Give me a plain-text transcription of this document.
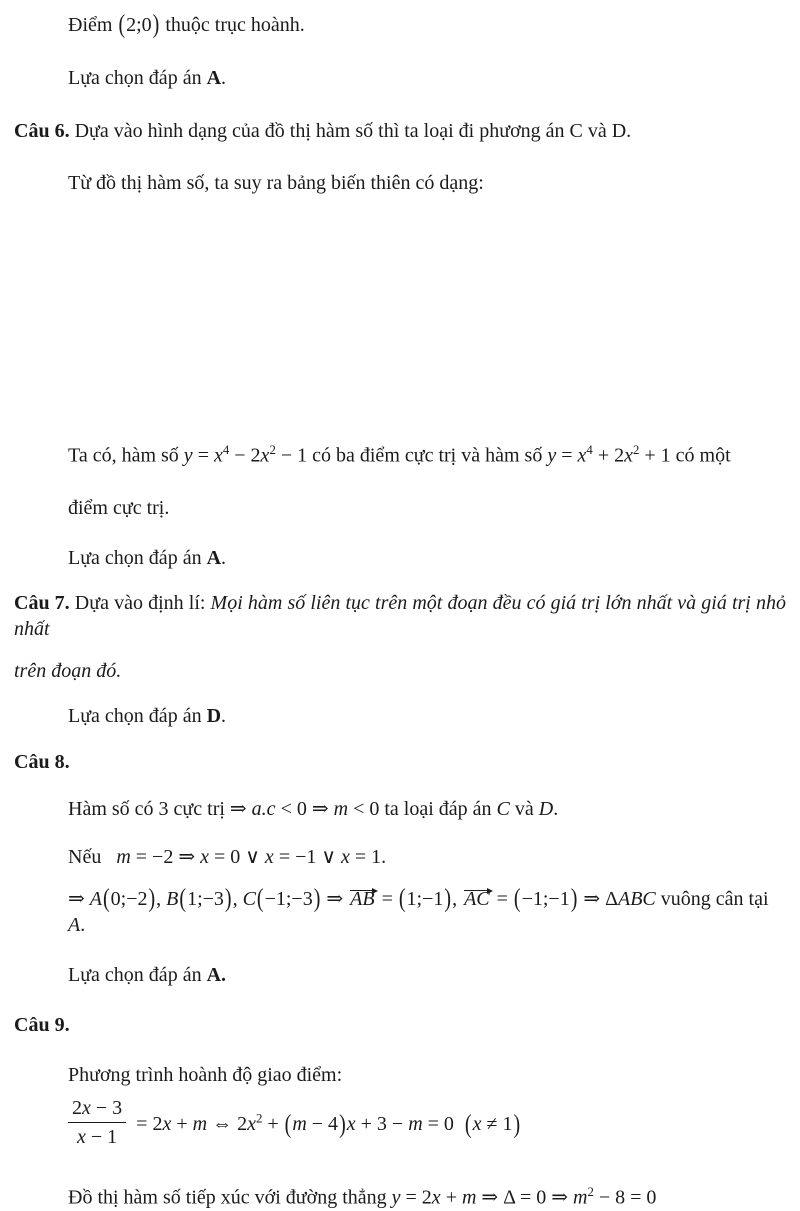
Điểm (2;0) thuộc trục hoành.

Lựa chọn đáp án A.

Câu 6. Dựa vào hình dạng của đồ thị hàm số thì ta loại đi phương án C và D.

Từ đồ thị hàm số, ta suy ra bảng biến thiên có dạng:

Ta có, hàm số $y = x^4 - 2x^2 - 1$ có ba điểm cực trị và hàm số $y = x^4 + 2x^2 + 1$ có một

điểm cực trị.

Lựa chọn đáp án A.

Câu 7. Dựa vào định lí: Mọi hàm số liên tục trên một đoạn đều có giá trị lớn nhất và giá trị nhỏ nhất

trên đoạn đó.

Lựa chọn đáp án D.

Câu 8.

Hàm số có 3 cực trị ⇒ a.c < 0 ⇒ m < 0 ta loại đáp án C và D.

Nếu   m = −2 ⇒ x = 0 ∨ x = −1 ∨ x = 1.

⇒ A(0;−2), B(1;−3), C(−1;−3) ⇒ AB = (1;−1), AC = (−1;−1) ⇒ ΔABC vuông cân tại A.

Lựa chọn đáp án A.

Câu 9.

Phương trình hoành độ giao điểm:

$\frac{2x - 3}{x - 1} = 2x + m$ ⇔ $2x^2 + (m - 4)x + 3 - m = 0$  (x ≠ 1)

Đồ thị hàm số tiếp xúc với đường thẳng y = 2x + m ⇒ Δ = 0 ⇒ $m^2 - 8 = 0$
